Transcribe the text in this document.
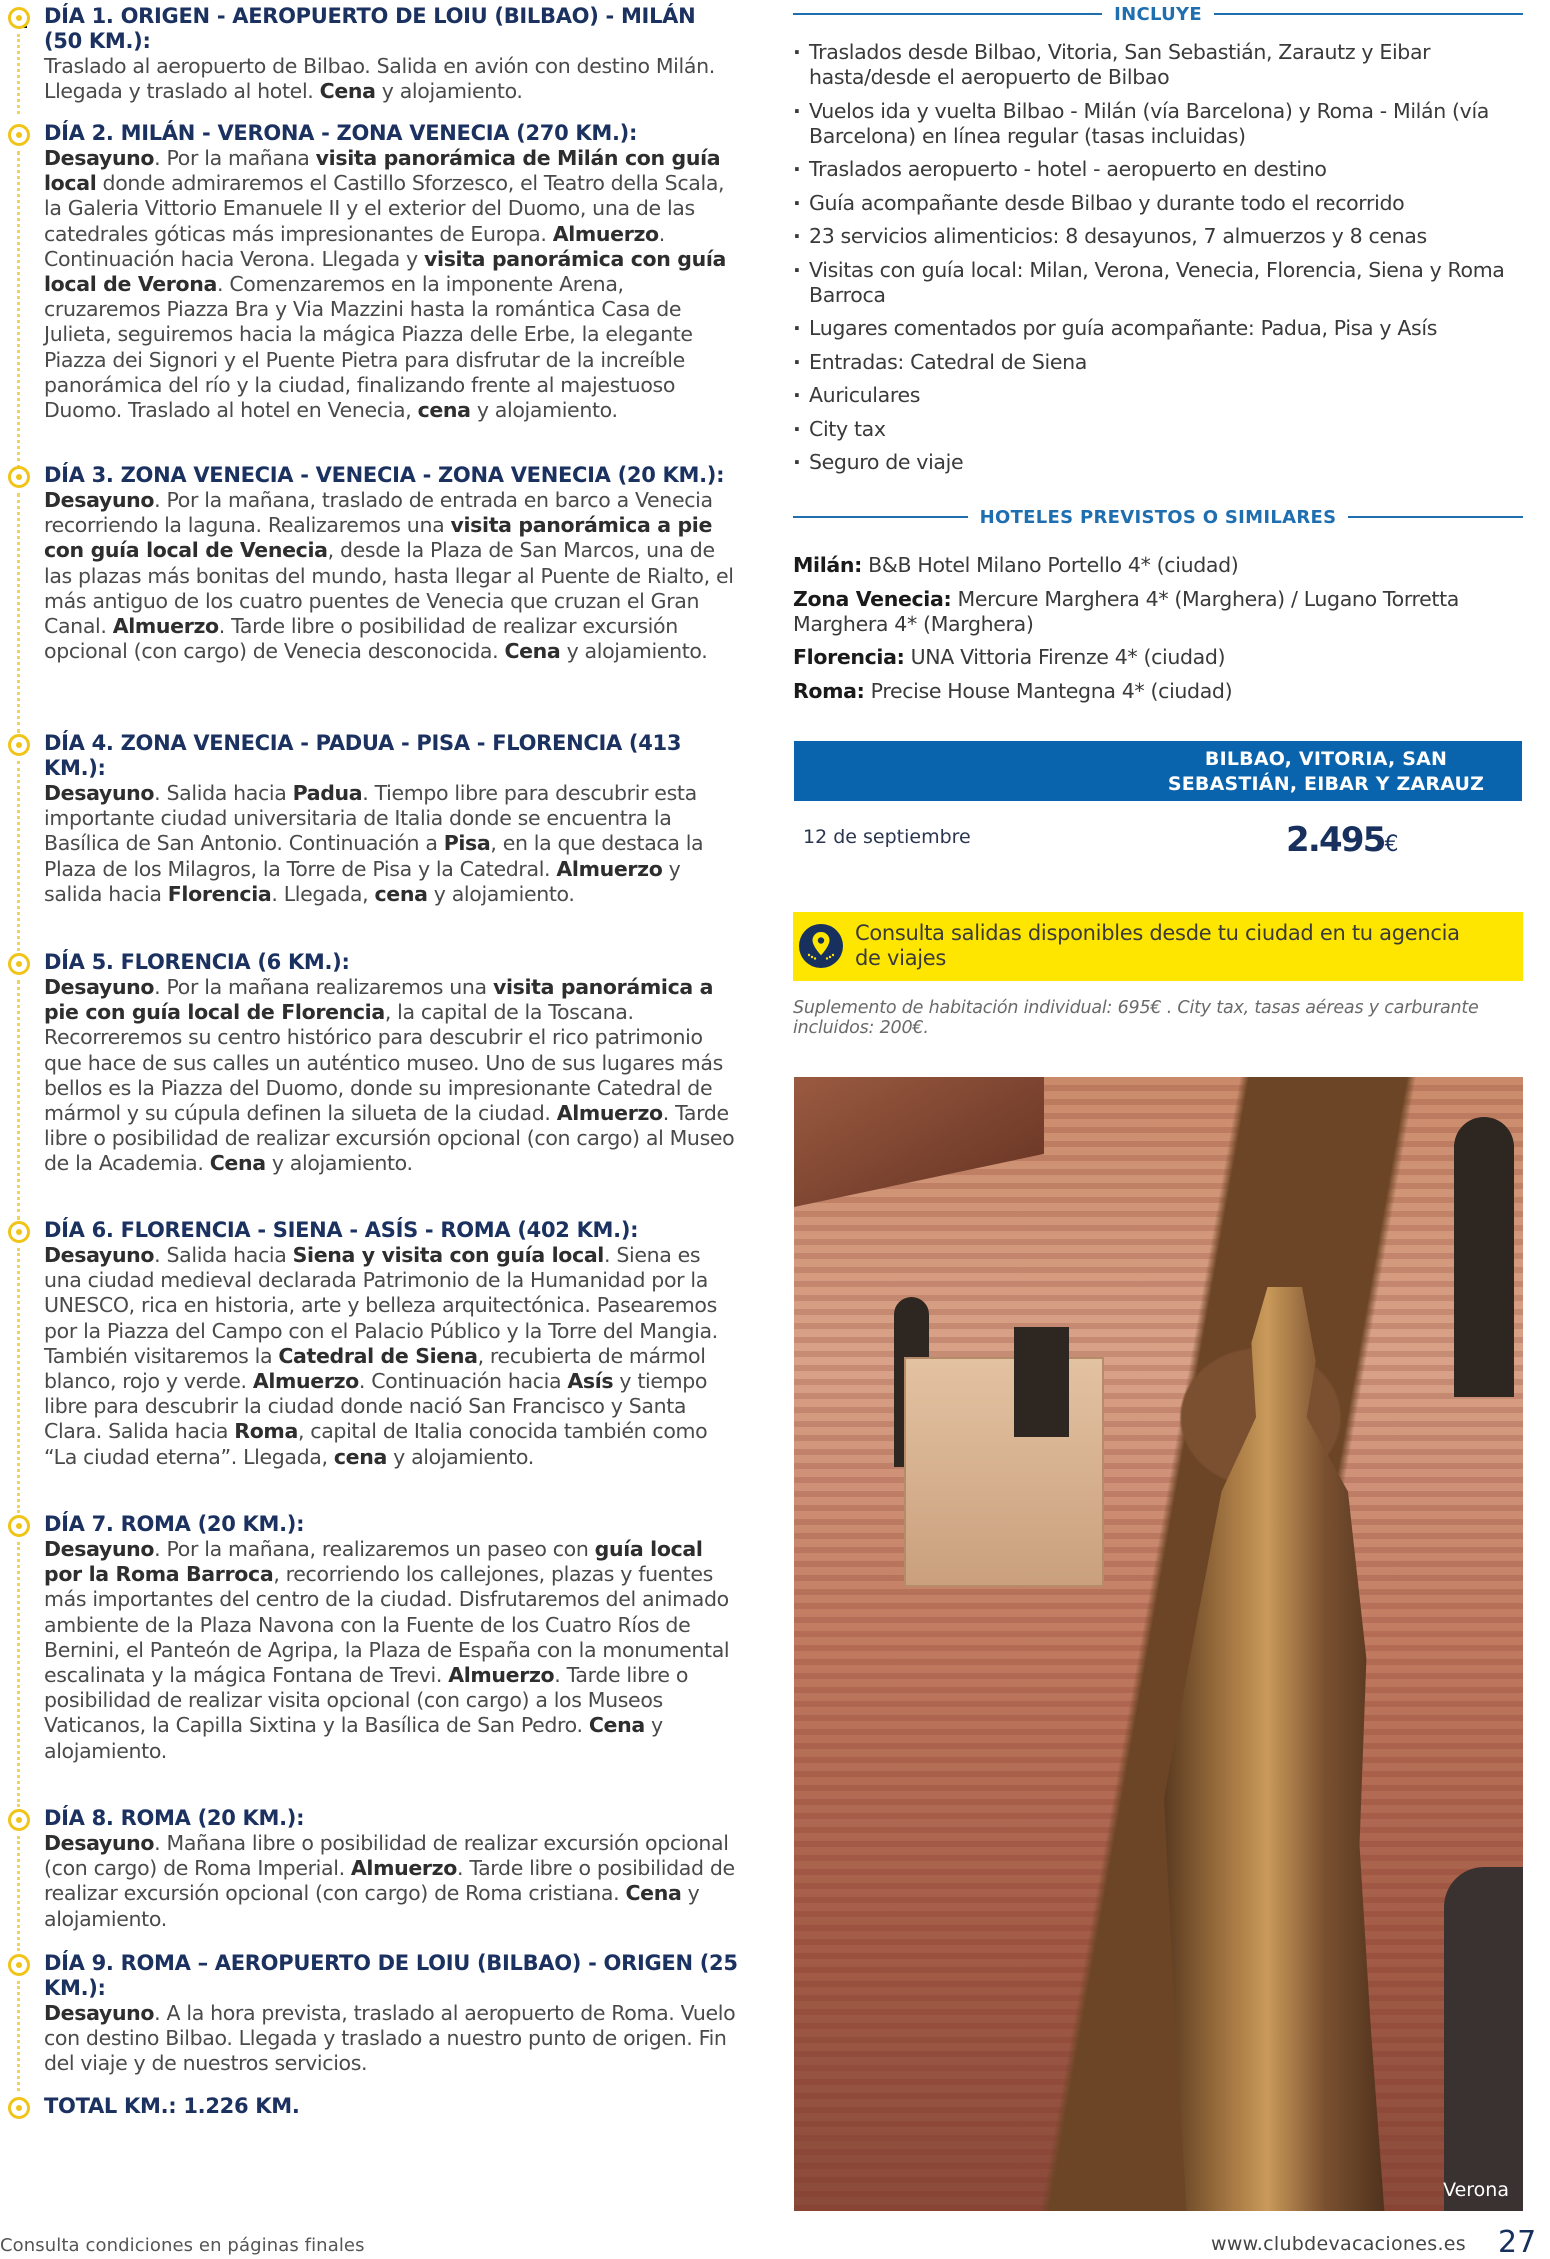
DÍA 1. ORIGEN - AEROPUERTO DE LOIU (BILBAO) - MILÁN (50 KM.):
Traslado al aeropuerto de Bilbao. Salida en avión con destino Milán. Llegada y traslado al hotel. Cena y alojamiento.
DÍA 2. MILÁN - VERONA - ZONA VENECIA (270 KM.):
Desayuno. Por la mañana visita panorámica de Milán con guía local donde admiraremos el Castillo Sforzesco, el Teatro della Scala, la Galeria Vittorio Emanuele II y el exterior del Duomo, una de las catedrales góticas más impresionantes de Europa. Almuerzo. Continuación hacia Verona. Llegada y visita panorámica con guía local de Verona. Comenzaremos en la imponente Arena, cruzaremos Piazza Bra y Via Mazzini hasta la romántica Casa de Julieta, seguiremos hacia la mágica Piazza delle Erbe, la elegante Piazza dei Signori y el Puente Pietra para disfrutar de la increíble panorámica del río y la ciudad, finalizando frente al majestuoso Duomo. Traslado al hotel en Venecia, cena y alojamiento.
DÍA 3. ZONA VENECIA - VENECIA - ZONA VENECIA (20 KM.):
Desayuno. Por la mañana, traslado de entrada en barco a Venecia recorriendo la laguna. Realizaremos una visita panorámica a pie con guía local de Venecia, desde la Plaza de San Marcos, una de las plazas más bonitas del mundo, hasta llegar al Puente de Rialto, el más antiguo de los cuatro puentes de Venecia que cruzan el Gran Canal. Almuerzo. Tarde libre o posibilidad de realizar excursión opcional (con cargo) de Venecia desconocida. Cena y alojamiento.
DÍA 4. ZONA VENECIA - PADUA - PISA - FLORENCIA (413 KM.):
Desayuno. Salida hacia Padua. Tiempo libre para descubrir esta importante ciudad universitaria de Italia donde se encuentra la Basílica de San Antonio. Continuación a Pisa, en la que destaca la Plaza de los Milagros, la Torre de Pisa y la Catedral. Almuerzo y salida hacia Florencia. Llegada, cena y alojamiento.
DÍA 5. FLORENCIA (6 KM.):
Desayuno. Por la mañana realizaremos una visita panorámica a pie con guía local de Florencia, la capital de la Toscana. Recorreremos su centro histórico para descubrir el rico patrimonio que hace de sus calles un auténtico museo. Uno de sus lugares más bellos es la Piazza del Duomo, donde su impresionante Catedral de mármol y su cúpula definen la silueta de la ciudad. Almuerzo. Tarde libre o posibilidad de realizar excursión opcional (con cargo) al Museo de la Academia. Cena y alojamiento.
DÍA 6. FLORENCIA - SIENA - ASÍS - ROMA (402 KM.):
Desayuno. Salida hacia Siena y visita con guía local. Siena es una ciudad medieval declarada Patrimonio de la Humanidad por la UNESCO, rica en historia, arte y belleza arquitectónica. Pasearemos por la Piazza del Campo con el Palacio Público y la Torre del Mangia. También visitaremos la Catedral de Siena, recubierta de mármol blanco, rojo y verde. Almuerzo. Continuación hacia Asís y tiempo libre para descubrir la ciudad donde nació San Francisco y Santa Clara. Salida hacia Roma, capital de Italia conocida también como “La ciudad eterna”. Llegada, cena y alojamiento.
DÍA 7. ROMA (20 KM.):
Desayuno. Por la mañana, realizaremos un paseo con guía local por la Roma Barroca, recorriendo los callejones, plazas y fuentes más importantes del centro de la ciudad. Disfrutaremos del animado ambiente de la Plaza Navona con la Fuente de los Cuatro Ríos de Bernini, el Panteón de Agripa, la Plaza de España con la monumental escalinata y la mágica Fontana de Trevi. Almuerzo. Tarde libre o posibilidad de realizar visita opcional (con cargo) a los Museos Vaticanos, la Capilla Sixtina y la Basílica de San Pedro. Cena y alojamiento.
DÍA 8. ROMA (20 KM.):
Desayuno. Mañana libre o posibilidad de realizar excursión opcional (con cargo) de Roma Imperial. Almuerzo. Tarde libre o posibilidad de realizar excursión opcional (con cargo) de Roma cristiana. Cena y alojamiento.
DÍA 9. ROMA – AEROPUERTO DE LOIU (BILBAO) - ORIGEN (25 KM.):
Desayuno. A la hora prevista, traslado al aeropuerto de Roma. Vuelo con destino Bilbao. Llegada y traslado a nuestro punto de origen. Fin del viaje y de nuestros servicios.
TOTAL KM.: 1.226 KM.
INCLUYE
· Traslados desde Bilbao, Vitoria, San Sebastián, Zarautz y Eibar hasta/desde el aeropuerto de Bilbao
· Vuelos ida y vuelta Bilbao - Milán (vía Barcelona) y Roma - Milán (vía Barcelona) en línea regular (tasas incluidas)
· Traslados aeropuerto - hotel - aeropuerto en destino
· Guía acompañante desde Bilbao y durante todo el recorrido
· 23 servicios alimenticios: 8 desayunos, 7 almuerzos y 8 cenas
· Visitas con guía local: Milan, Verona, Venecia, Florencia, Siena y Roma Barroca
· Lugares comentados por guía acompañante: Padua, Pisa y Asís
· Entradas: Catedral de Siena
· Auriculares
· City tax
· Seguro de viaje
HOTELES PREVISTOS O SIMILARES
Milán: B&B Hotel Milano Portello 4* (ciudad)
Zona Venecia: Mercure Marghera 4* (Marghera) / Lugano Torretta Marghera 4* (Marghera)
Florencia: UNA Vittoria Firenze 4* (ciudad)
Roma: Precise House Mantegna 4* (ciudad)
BILBAO, VITORIA, SAN SEBASTIÁN, EIBAR Y ZARAUZ
12 de septiembre	2.495€
Consulta salidas disponibles desde tu ciudad en tu agencia de viajes
Suplemento de habitación individual: 695€ . City tax, tasas aéreas y carburante incluidos: 200€.
Verona
Consulta condiciones en páginas finales	www.clubdevacaciones.es 27
